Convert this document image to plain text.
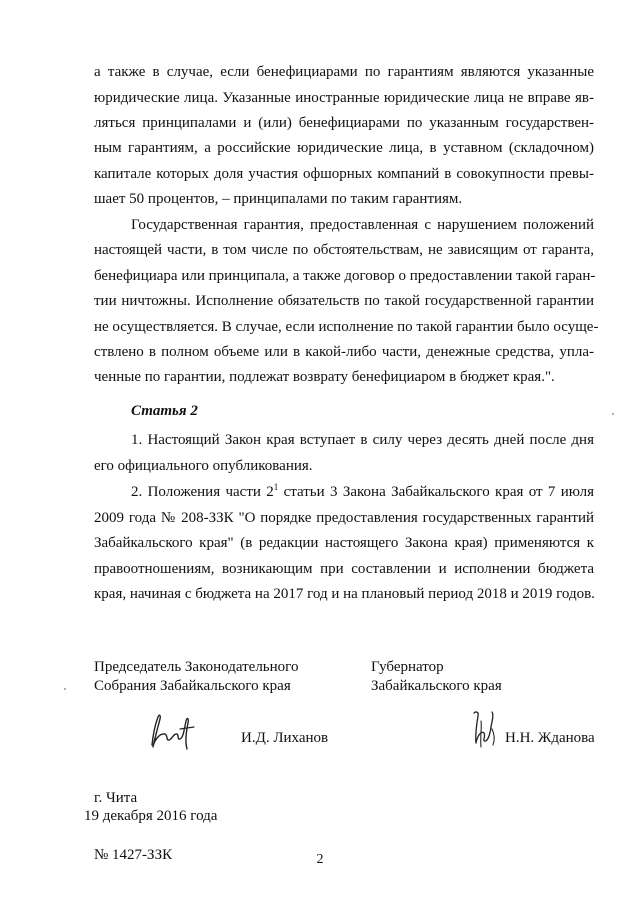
а также в случае, если бенефициарами по гарантиям являются указанные
юридические лица. Указанные иностранные юридические лица не вправе яв-
ляться принципалами и (или) бенефициарами по указанным государствен-
ным гарантиям, а российские юридические лица, в уставном (складочном)
капитале которых доля участия офшорных компаний в совокупности превы-
шает 50 процентов, – принципалами по таким гарантиям.
Государственная гарантия, предоставленная с нарушением положений
настоящей части, в том числе по обстоятельствам, не зависящим от гаранта,
бенефициара или принципала, а также договор о предоставлении такой гаран-
тии ничтожны. Исполнение обязательств по такой государственной гарантии
не осуществляется. В случае, если исполнение по такой гарантии было осуще-
ствлено в полном объеме или в какой-либо части, денежные средства, упла-
ченные по гарантии, подлежат возврату бенефициаром в бюджет края.".
Статья 2
1. Настоящий Закон края вступает в силу через десять дней после дня
его официального опубликования.
2. Положения части $2^1$ статьи 3 Закона Забайкальского края от 7 июля
2009 года № 208-ЗЗК "О порядке предоставления государственных гарантий
Забайкальского края" (в редакции настоящего Закона края) применяются к
правоотношениям, возникающим при составлении и исполнении бюджета
края, начиная с бюджета на 2017 год и на плановый период 2018 и 2019 годов.
Председатель Законодательного
Собрания Забайкальского края
Губернатор
Забайкальского края
И.Д. Лиханов	Н.Н. Жданова
г. Чита
19 декабря 2016 года
№ 1427-ЗЗК	2
